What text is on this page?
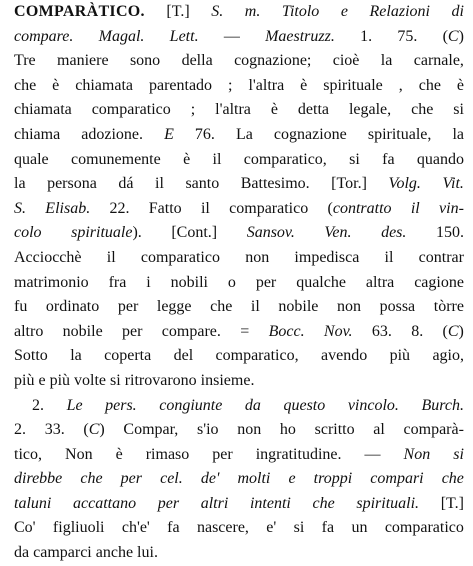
COMPARÀTICO. [T.] S. m. Titolo e Relazioni di
compare. Magal. Lett. — Maestruzz. 1. 75. (C)
Tre maniere sono della cognazione; cioè la carnale,
che è chiamata parentado ; l'altra è spirituale , che è
chiamata comparatico ; l'altra è detta legale, che si
chiama adozione. E 76. La cognazione spirituale, la
quale comunemente è il comparatico, si fa quando
la persona dá il santo Battesimo. [Tor.] Volg. Vit.
S. Elisab. 22. Fatto il comparatico (contratto il vin-
colo spirituale). [Cont.] Sansov. Ven. des. 150.
Acciocchè il comparatico non impedisca il contrar
matrimonio fra i nobili o per qualche altra cagione
fu ordinato per legge che il nobile non possa tòrre
altro nobile per compare. = Bocc. Nov. 63. 8. (C)
Sotto la coperta del comparatico, avendo più agio,
più e più volte si ritrovarono insieme.
2. Le pers. congiunte da questo vincolo. Burch.
2. 33. (C) Compar, s'io non ho scritto al comparà-
tico, Non è rimaso per ingratitudine. — Non si
direbbe che per cel. de' molti e troppi compari che
taluni accattano per altri intenti che spirituali. [T.]
Co' figliuoli ch'e' fa nascere, e' si fa un comparatico
da camparci anche lui.
